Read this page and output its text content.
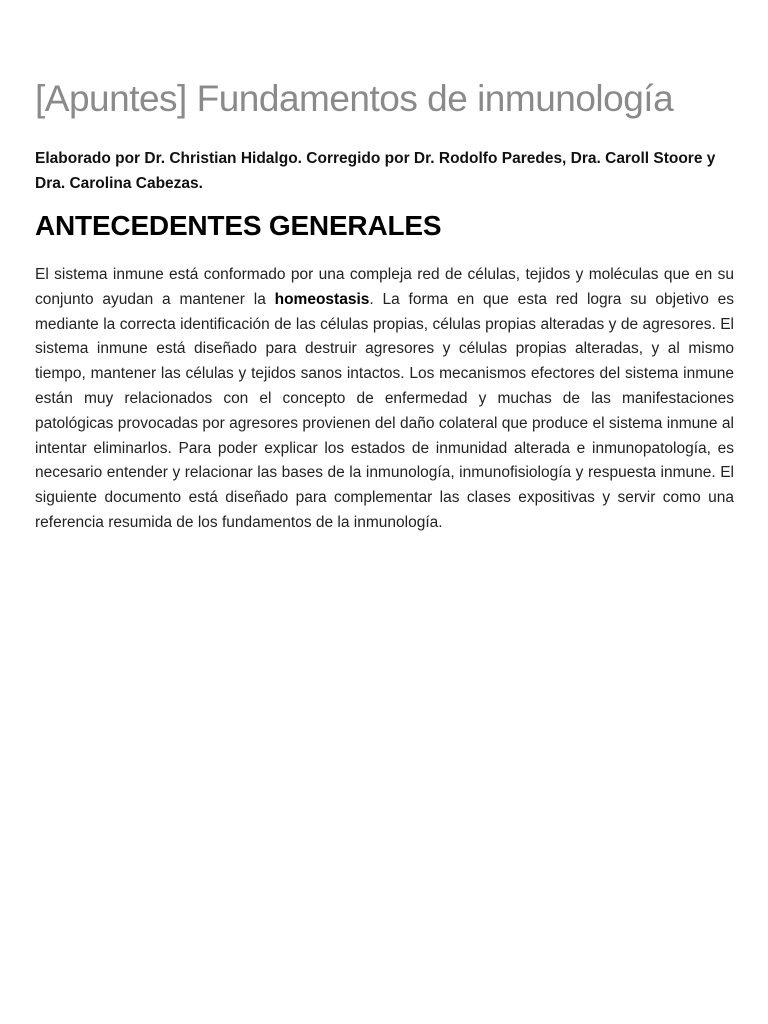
[Apuntes] Fundamentos de inmunología

Elaborado por Dr. Christian Hidalgo. Corregido por Dr. Rodolfo Paredes, Dra. Caroll Stoore y Dra. Carolina Cabezas.

ANTECEDENTES GENERALES

El sistema inmune está conformado por una compleja red de células, tejidos y moléculas que en su conjunto ayudan a mantener la homeostasis. La forma en que esta red logra su objetivo es mediante la correcta identificación de las células propias, células propias alteradas y de agresores. El sistema inmune está diseñado para destruir agresores y células propias alteradas, y al mismo tiempo, mantener las células y tejidos sanos intactos. Los mecanismos efectores del sistema inmune están muy relacionados con el concepto de enfermedad y muchas de las manifestaciones patológicas provocadas por agresores provienen del daño colateral que produce el sistema inmune al intentar eliminarlos. Para poder explicar los estados de inmunidad alterada e inmunopatología, es necesario entender y relacionar las bases de la inmunología, inmunofisiología y respuesta inmune. El siguiente documento está diseñado para complementar las clases expositivas y servir como una referencia resumida de los fundamentos de la inmunología.
